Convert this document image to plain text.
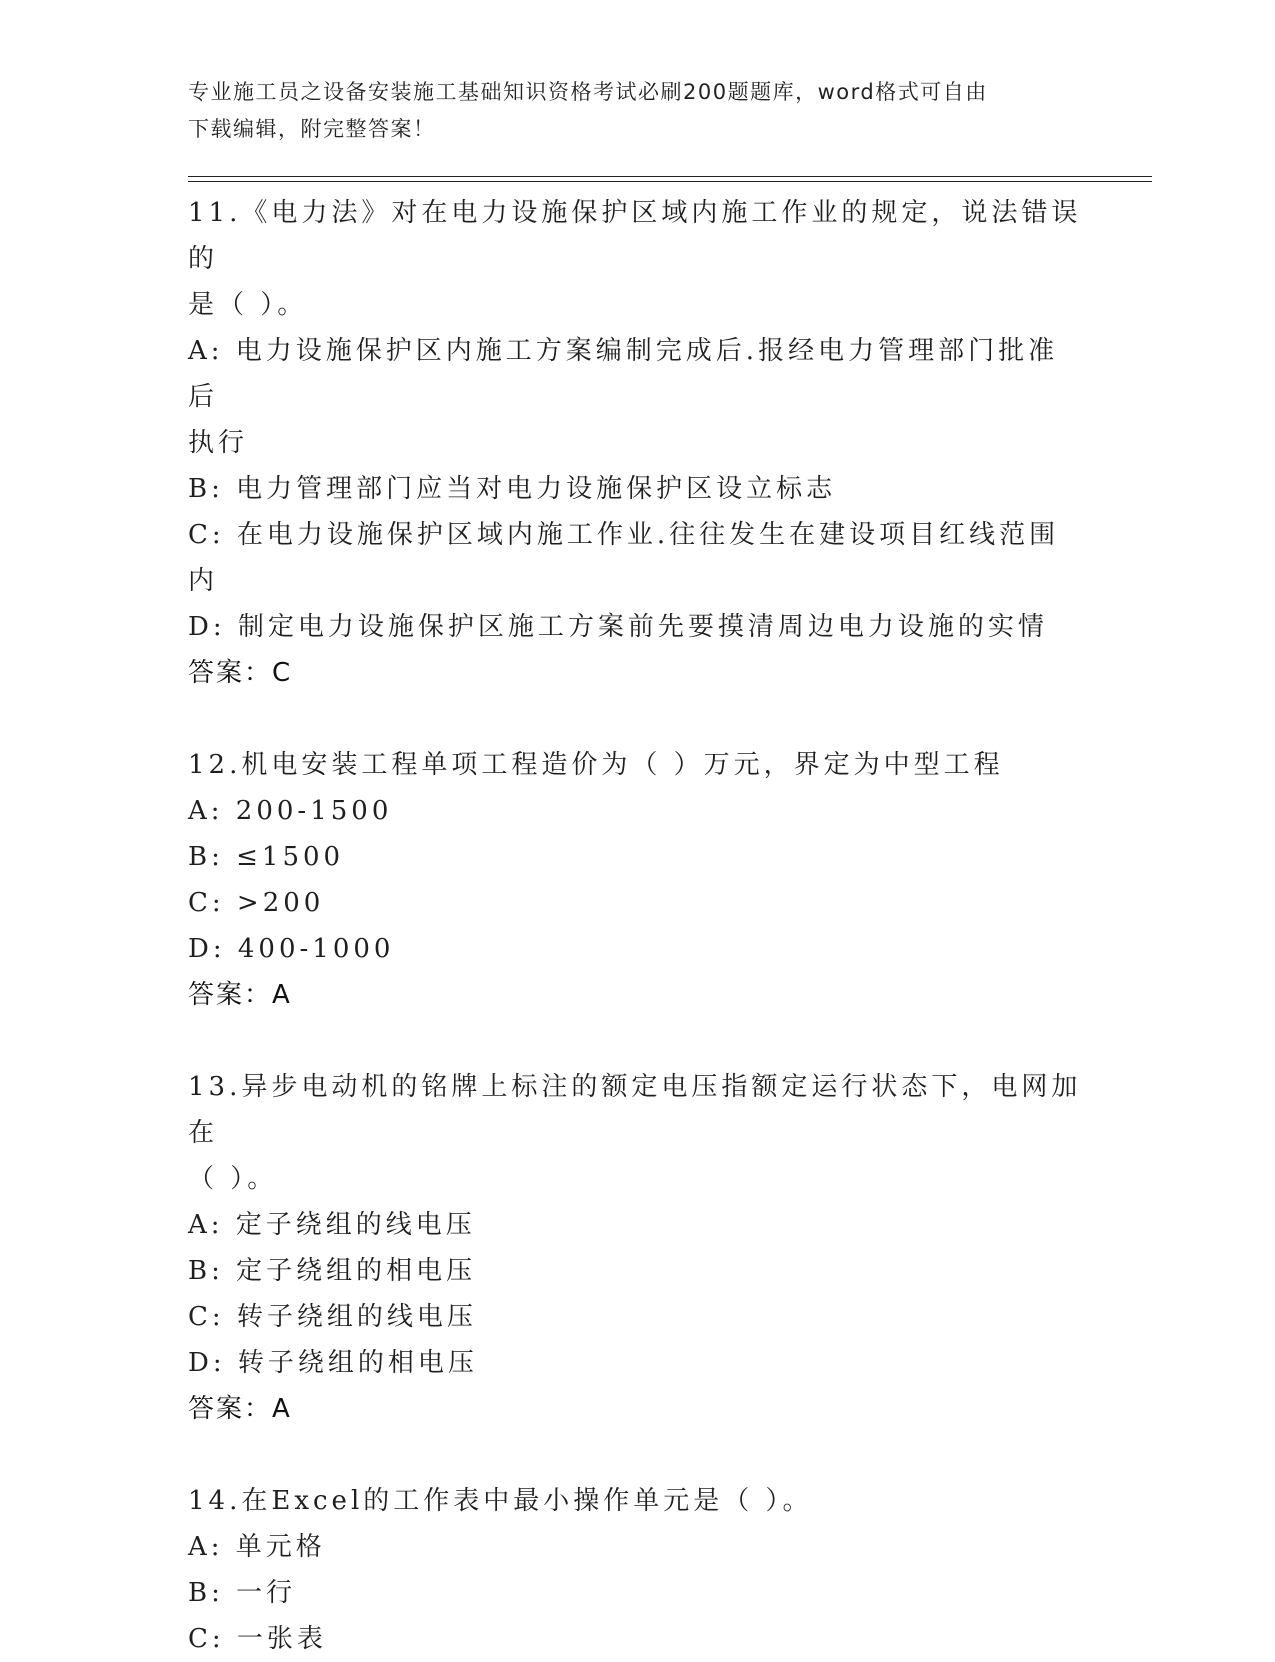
专业施工员之设备安装施工基础知识资格考试必刷200题题库，word格式可自由
下载编辑，附完整答案！
11.《电力法》对在电力设施保护区域内施工作业的规定，说法错误的
是（ ）。
A: 电力设施保护区内施工方案编制完成后.报经电力管理部门批准后
执行
B: 电力管理部门应当对电力设施保护区设立标志
C: 在电力设施保护区域内施工作业.往往发生在建设项目红线范围内
D: 制定电力设施保护区施工方案前先要摸清周边电力设施的实情
答案：C
12.机电安装工程单项工程造价为（ ）万元，界定为中型工程
A: 200-1500
B: ≤1500
C: >200
D: 400-1000
答案：A
13.异步电动机的铭牌上标注的额定电压指额定运行状态下，电网加在
（ ）。
A: 定子绕组的线电压
B: 定子绕组的相电压
C: 转子绕组的线电压
D: 转子绕组的相电压
答案：A
14.在Excel的工作表中最小操作单元是（ ）。
A: 单元格
B: 一行
C: 一张表
